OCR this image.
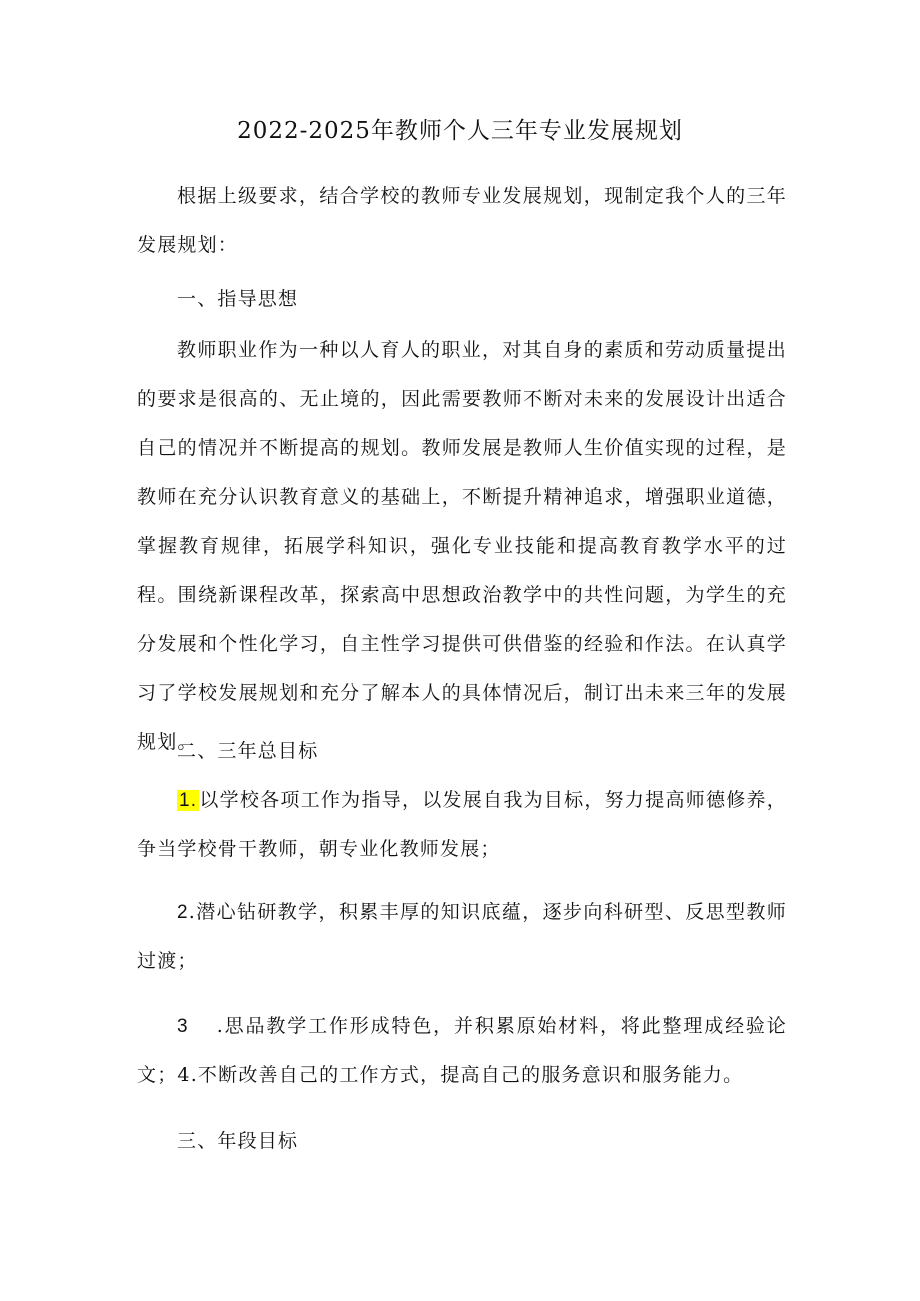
2022-2025年教师个人三年专业发展规划

根据上级要求，结合学校的教师专业发展规划，现制定我个人的三年发展规划：

一、指导思想

教师职业作为一种以人育人的职业，对其自身的素质和劳动质量提出的要求是很高的、无止境的，因此需要教师不断对未来的发展设计出适合自己的情况并不断提高的规划。教师发展是教师人生价值实现的过程，是教师在充分认识教育意义的基础上，不断提升精神追求，增强职业道德，掌握教育规律，拓展学科知识，强化专业技能和提高教育教学水平的过程。围绕新课程改革，探索高中思想政治教学中的共性问题，为学生的充分发展和个性化学习，自主性学习提供可供借鉴的经验和作法。在认真学习了学校发展规划和充分了解本人的具体情况后，制订出未来三年的发展规划。

二、三年总目标

1. 以学校各项工作为指导，以发展自我为目标，努力提高师德修养，争当学校骨干教师，朝专业化教师发展；

2.潜心钻研教学，积累丰厚的知识底蕴，逐步向科研型、反思型教师过渡；

3 .思品教学工作形成特色，并积累原始材料，将此整理成经验论文；4.不断改善自己的工作方式，提高自己的服务意识和服务能力。

三、年段目标
